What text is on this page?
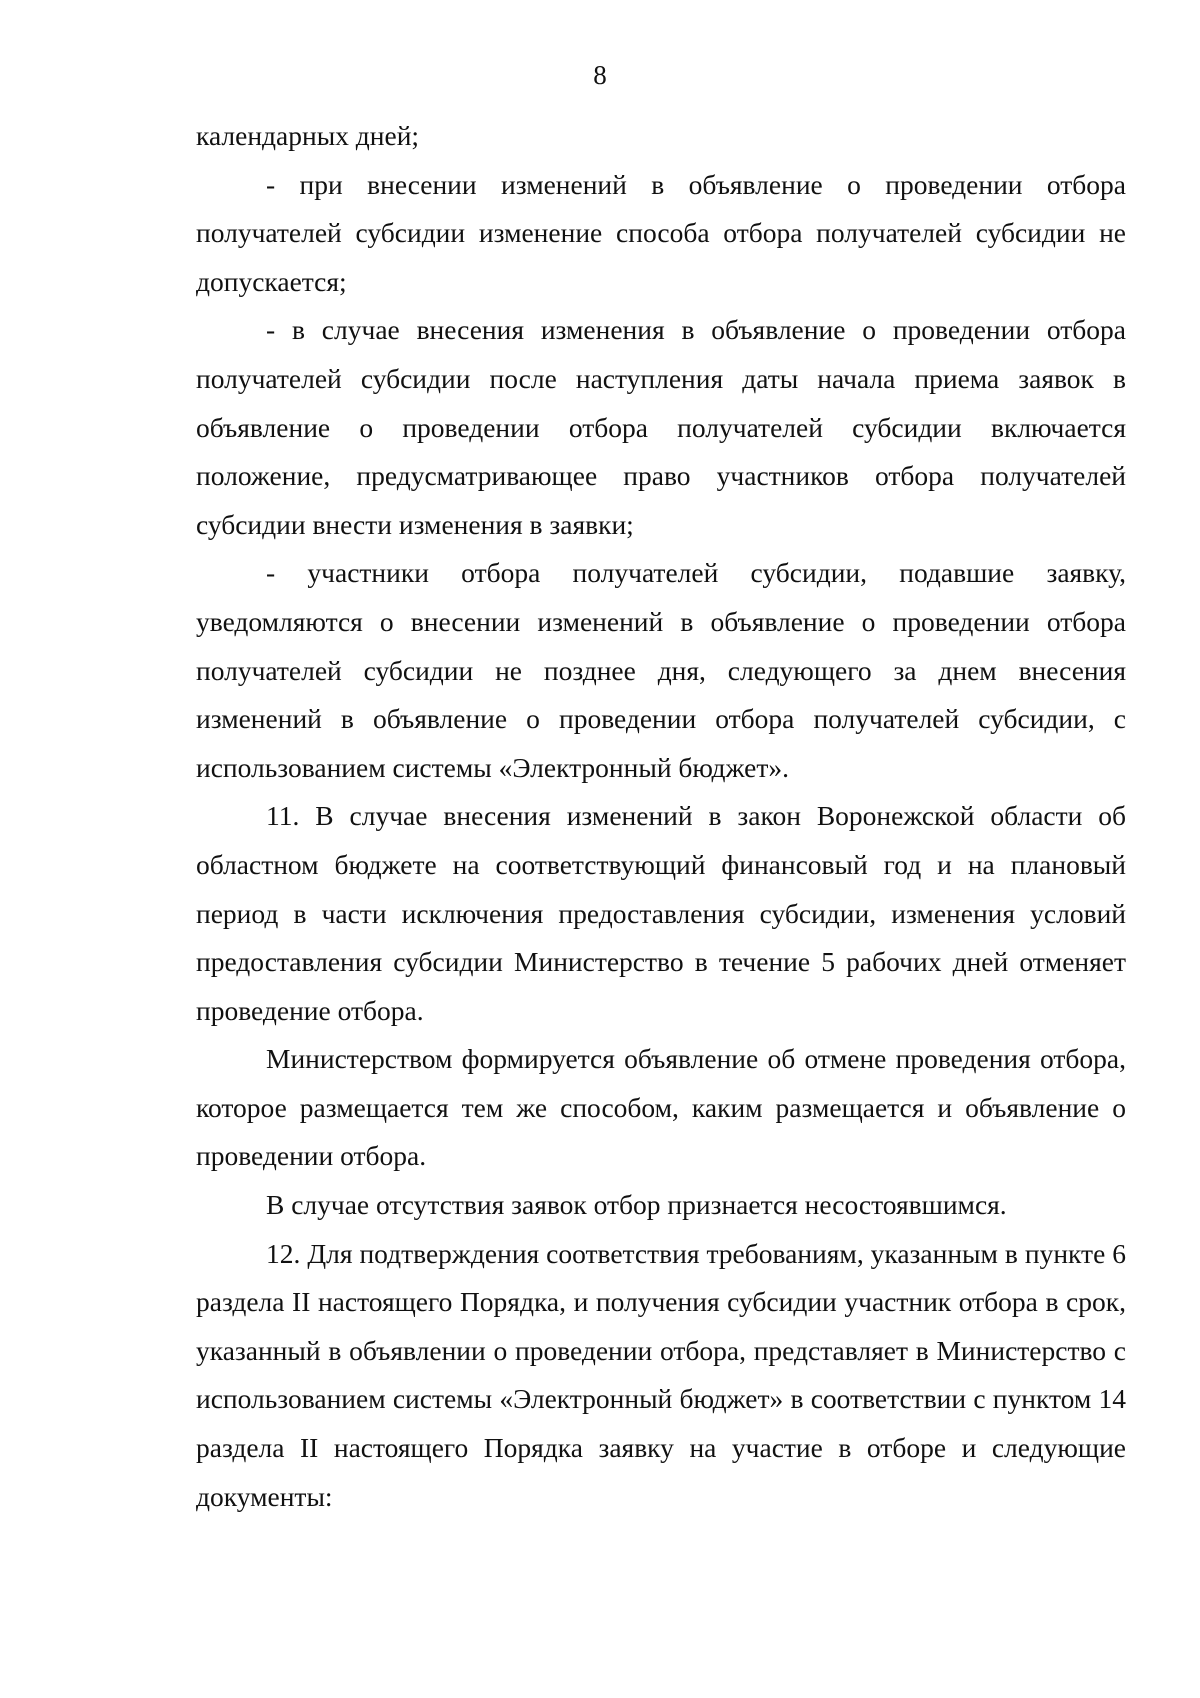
8

календарных дней;

- при внесении изменений в объявление о проведении отбора получателей субсидии изменение способа отбора получателей субсидии не допускается;

- в случае внесения изменения в объявление о проведении отбора получателей субсидии после наступления даты начала приема заявок в объявление о проведении отбора получателей субсидии включается положение, предусматривающее право участников отбора получателей субсидии внести изменения в заявки;

- участники отбора получателей субсидии, подавшие заявку, уведомляются о внесении изменений в объявление о проведении отбора получателей субсидии не позднее дня, следующего за днем внесения изменений в объявление о проведении отбора получателей субсидии, с использованием системы «Электронный бюджет».

11. В случае внесения изменений в закон Воронежской области об областном бюджете на соответствующий финансовый год и на плановый период в части исключения предоставления субсидии, изменения условий предоставления субсидии Министерство в течение 5 рабочих дней отменяет проведение отбора.

Министерством формируется объявление об отмене проведения отбора, которое размещается тем же способом, каким размещается и объявление о проведении отбора.

В случае отсутствия заявок отбор признается несостоявшимся.

12. Для подтверждения соответствия требованиям, указанным в пункте 6 раздела II настоящего Порядка, и получения субсидии участник отбора в срок, указанный в объявлении о проведении отбора, представляет в Министерство с использованием системы «Электронный бюджет» в соответствии с пунктом 14 раздела II настоящего Порядка заявку на участие в отборе и следующие документы:
